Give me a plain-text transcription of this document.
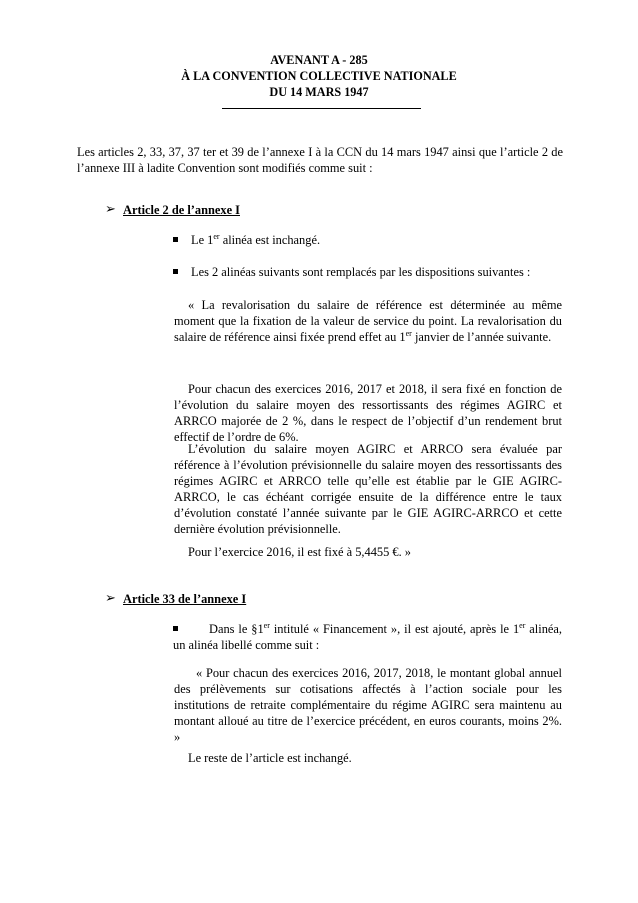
AVENANT A - 285
À LA CONVENTION COLLECTIVE NATIONALE
DU 14 MARS 1947
Les articles 2, 33, 37, 37 ter et 39 de l’annexe I à la CCN du 14 mars 1947 ainsi que l’article 2 de l’annexe III à ladite Convention sont modifiés comme suit :
➢ Article 2 de l’annexe I
Le 1er alinéa est inchangé.
Les 2 alinéas suivants sont remplacés par les dispositions suivantes :
« La revalorisation du salaire de référence est déterminée au même moment que la fixation de la valeur de service du point. La revalorisation du salaire de référence ainsi fixée prend effet au 1er janvier de l’année suivante.
Pour chacun des exercices 2016, 2017 et 2018, il sera fixé en fonction de l’évolution du salaire moyen des ressortissants des régimes AGIRC et ARRCO majorée de 2 %, dans le respect de l’objectif d’un rendement brut effectif de l’ordre de 6%.
L’évolution du salaire moyen AGIRC et ARRCO sera évaluée par référence à l’évolution prévisionnelle du salaire moyen des ressortissants des régimes AGIRC et ARRCO telle qu’elle est établie par le GIE AGIRC-ARRCO, le cas échéant corrigée ensuite de la différence entre le taux d’évolution constaté l’année suivante par le GIE AGIRC-ARRCO et cette dernière évolution prévisionnelle.
Pour l’exercice 2016, il est fixé à 5,4455 €. »
➢ Article 33 de l’annexe I
Dans le §1er intitulé « Financement », il est ajouté, après le 1er alinéa, un alinéa libellé comme suit :
« Pour chacun des exercices 2016, 2017, 2018, le montant global annuel des prélèvements sur cotisations affectés à l’action sociale pour les institutions de retraite complémentaire du régime AGIRC sera maintenu au montant alloué au titre de l’exercice précédent, en euros courants, moins 2%. »
Le reste de l’article est inchangé.
